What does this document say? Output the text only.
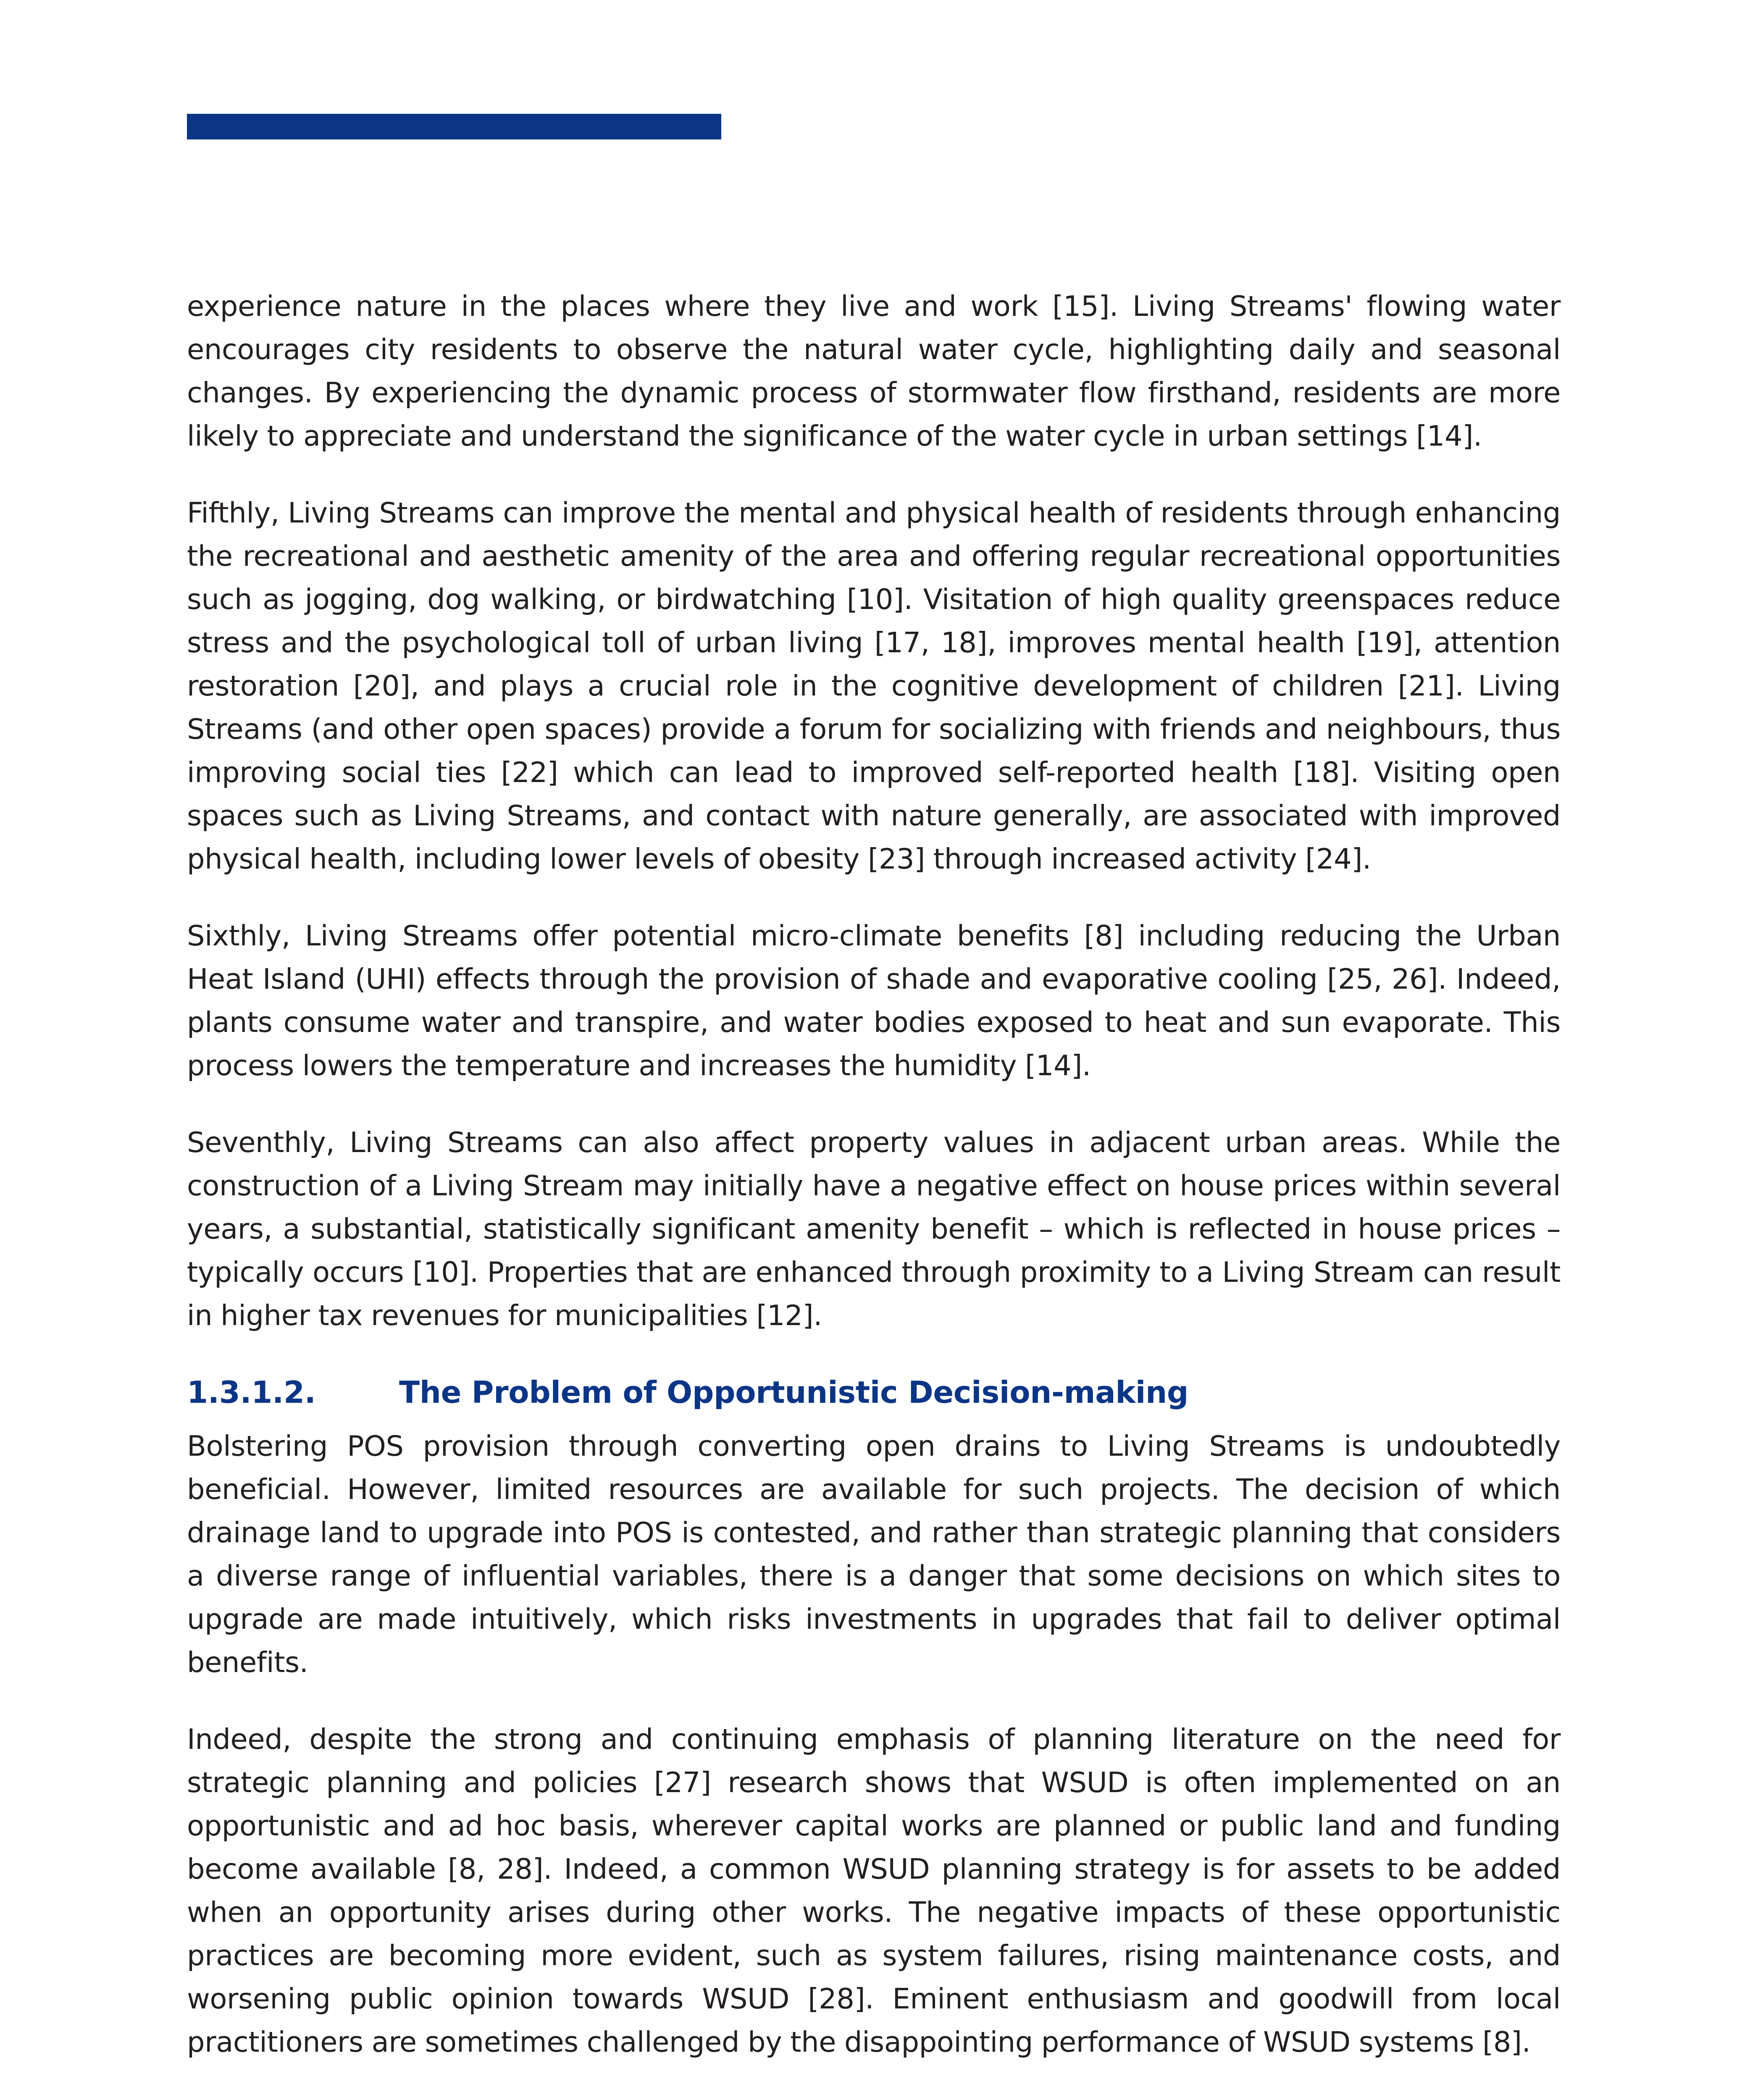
experience nature in the places where they live and work [15]. Living Streams' flowing water encourages city residents to observe the natural water cycle, highlighting daily and seasonal changes. By experiencing the dynamic process of stormwater flow firsthand, residents are more likely to appreciate and understand the significance of the water cycle in urban settings [14].

Fifthly, Living Streams can improve the mental and physical health of residents through enhancing the recreational and aesthetic amenity of the area and offering regular recreational opportunities such as jogging, dog walking, or birdwatching [10]. Visitation of high quality greenspaces reduce stress and the psychological toll of urban living [17, 18], improves mental health [19], attention restoration [20], and plays a crucial role in the cognitive development of children [21]. Living Streams (and other open spaces) provide a forum for socializing with friends and neighbours, thus improving social ties [22] which can lead to improved self-reported health [18]. Visiting open spaces such as Living Streams, and contact with nature generally, are associated with improved physical health, including lower levels of obesity [23] through increased activity [24].

Sixthly, Living Streams offer potential micro-climate benefits [8] including reducing the Urban Heat Island (UHI) effects through the provision of shade and evaporative cooling [25, 26]. Indeed, plants consume water and transpire, and water bodies exposed to heat and sun evaporate. This process lowers the temperature and increases the humidity [14].

Seventhly, Living Streams can also affect property values in adjacent urban areas. While the construction of a Living Stream may initially have a negative effect on house prices within several years, a substantial, statistically significant amenity benefit – which is reflected in house prices – typically occurs [10]. Properties that are enhanced through proximity to a Living Stream can result in higher tax revenues for municipalities [12].

1.3.1.2.	The Problem of Opportunistic Decision-making

Bolstering POS provision through converting open drains to Living Streams is undoubtedly beneficial. However, limited resources are available for such projects. The decision of which drainage land to upgrade into POS is contested, and rather than strategic planning that considers a diverse range of influential variables, there is a danger that some decisions on which sites to upgrade are made intuitively, which risks investments in upgrades that fail to deliver optimal benefits.

Indeed, despite the strong and continuing emphasis of planning literature on the need for strategic planning and policies [27] research shows that WSUD is often implemented on an opportunistic and ad hoc basis, wherever capital works are planned or public land and funding become available [8, 28]. Indeed, a common WSUD planning strategy is for assets to be added when an opportunity arises during other works. The negative impacts of these opportunistic practices are becoming more evident, such as system failures, rising maintenance costs, and worsening public opinion towards WSUD [28]. Eminent enthusiasm and goodwill from local practitioners are sometimes challenged by the disappointing performance of WSUD systems [8].
